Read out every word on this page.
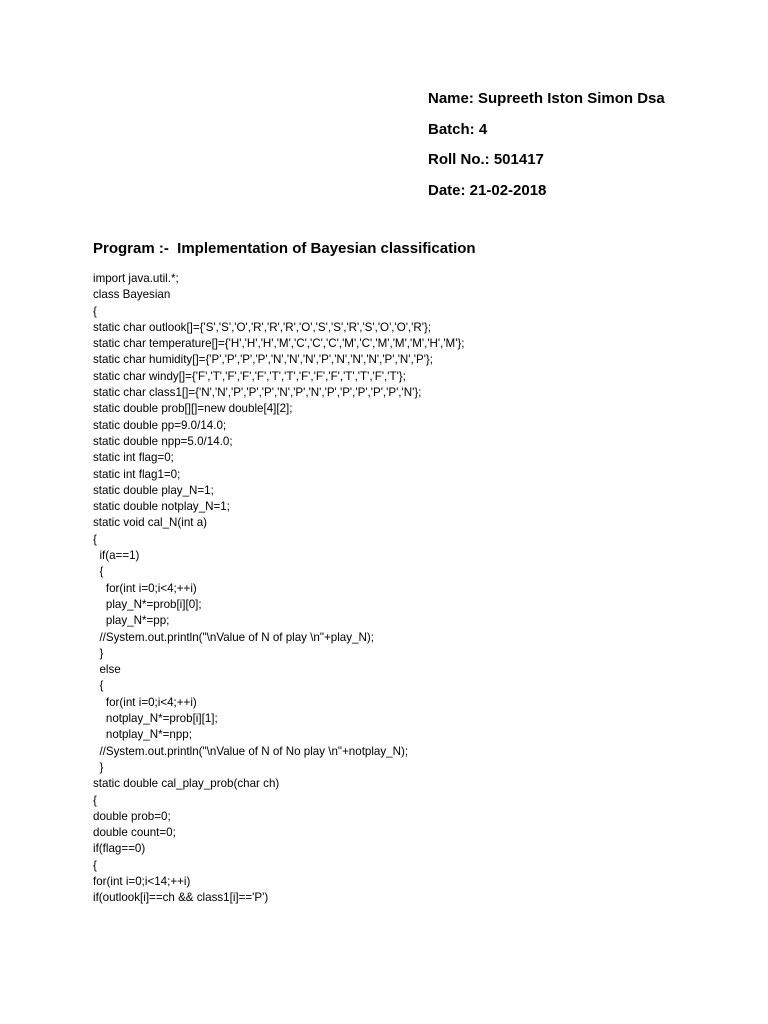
Name: Supreeth Iston Simon Dsa
Batch: 4
Roll No.: 501417
Date: 21-02-2018
Program :-  Implementation of Bayesian classification
import java.util.*;
class Bayesian
{
static char outlook[]={'S','S','O','R','R','R','O','S','S','R','S','O','O','R'};
static char temperature[]={'H','H','H','M','C','C','C','M','C','M','M','M','H','M'};
static char humidity[]={'P','P','P','P','N','N','N','P','N','N','N','P','N','P'};
static char windy[]={'F','T','F','F','F','T','T','F','F','F','T','T','F','T'};
static char class1[]={'N','N','P','P','P','N','P','N','P','P','P','P','P','N'};
static double prob[][]=new double[4][2];
static double pp=9.0/14.0;
static double npp=5.0/14.0;
static int flag=0;
static int flag1=0;
static double play_N=1;
static double notplay_N=1;
static void cal_N(int a)
{
if(a==1)
{
for(int i=0;i<4;++i)
play_N*=prob[i][0];
play_N*=pp;
//System.out.println("\nValue of N of play \n"+play_N);
}
else
{
for(int i=0;i<4;++i)
notplay_N*=prob[i][1];
notplay_N*=npp;
//System.out.println("\nValue of N of No play \n"+notplay_N);
}
static double cal_play_prob(char ch)
{
double prob=0;
double count=0;
if(flag==0)
{
for(int i=0;i<14;++i)
if(outlook[i]==ch && class1[i]=='P')
